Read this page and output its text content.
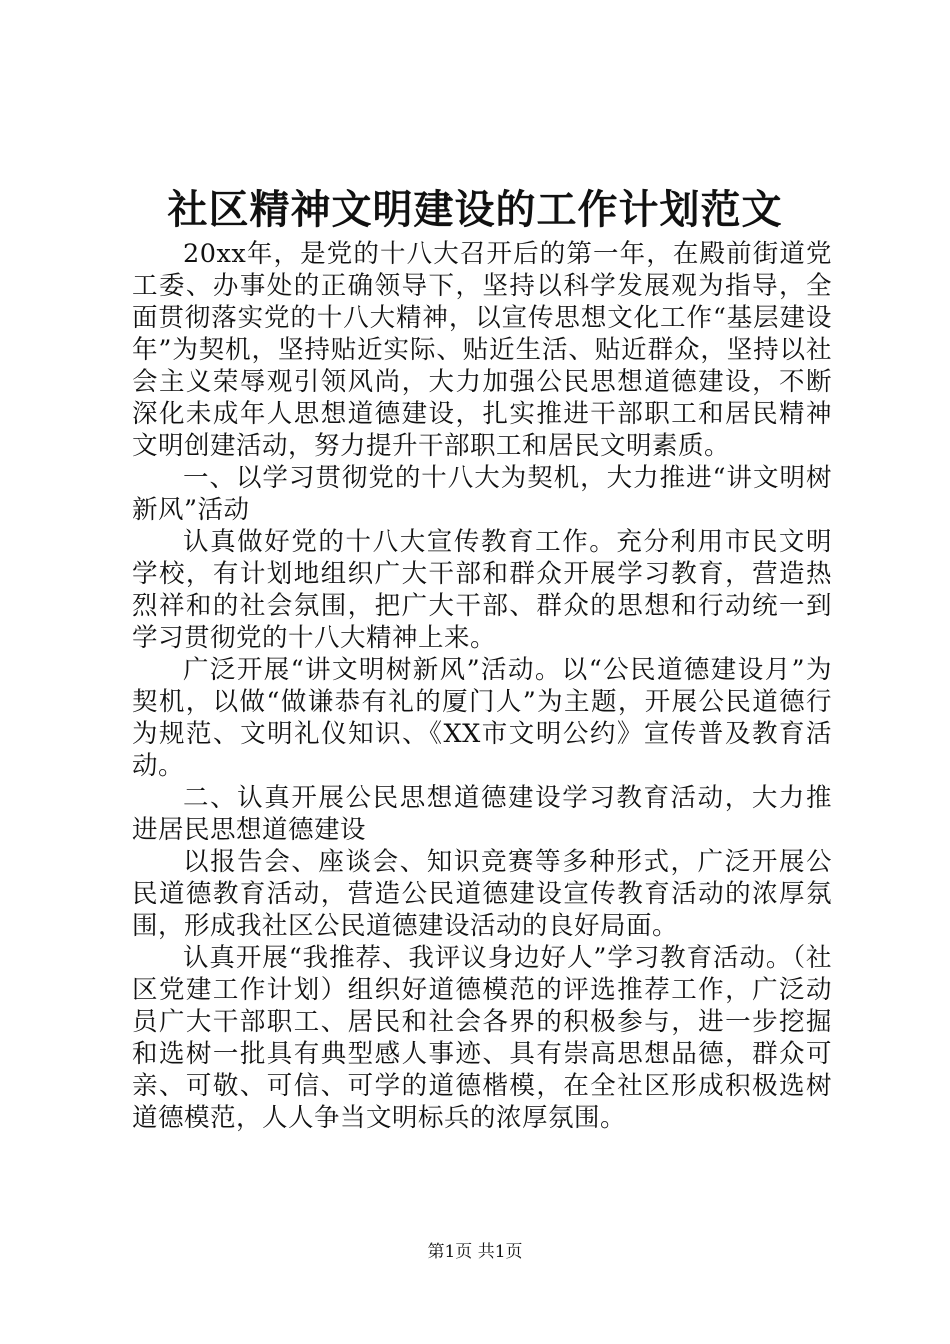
社区精神文明建设的工作计划范文

20xx年，是党的十八大召开后的第一年，在殿前街道党工委、办事处的正确领导下，坚持以科学发展观为指导，全面贯彻落实党的十八大精神，以宣传思想文化工作“基层建设年”为契机，坚持贴近实际、贴近生活、贴近群众，坚持以社会主义荣辱观引领风尚，大力加强公民思想道德建设，不断深化未成年人思想道德建设，扎实推进干部职工和居民精神文明创建活动，努力提升干部职工和居民文明素质。

一、以学习贯彻党的十八大为契机，大力推进“讲文明树新风”活动

认真做好党的十八大宣传教育工作。充分利用市民文明学校，有计划地组织广大干部和群众开展学习教育，营造热烈祥和的社会氛围，把广大干部、群众的思想和行动统一到学习贯彻党的十八大精神上来。

广泛开展“讲文明树新风”活动。以“公民道德建设月”为契机，以做“做谦恭有礼的厦门人”为主题，开展公民道德行为规范、文明礼仪知识、《XX市文明公约》宣传普及教育活动。

二、认真开展公民思想道德建设学习教育活动，大力推进居民思想道德建设

以报告会、座谈会、知识竞赛等多种形式，广泛开展公民道德教育活动，营造公民道德建设宣传教育活动的浓厚氛围，形成我社区公民道德建设活动的良好局面。

认真开展“我推荐、我评议身边好人”学习教育活动。（社区党建工作计划）组织好道德模范的评选推荐工作，广泛动员广大干部职工、居民和社会各界的积极参与，进一步挖掘和选树一批具有典型感人事迹、具有崇高思想品德，群众可亲、可敬、可信、可学的道德楷模，在全社区形成积极选树道德模范，人人争当文明标兵的浓厚氛围。

第1页 共1页
